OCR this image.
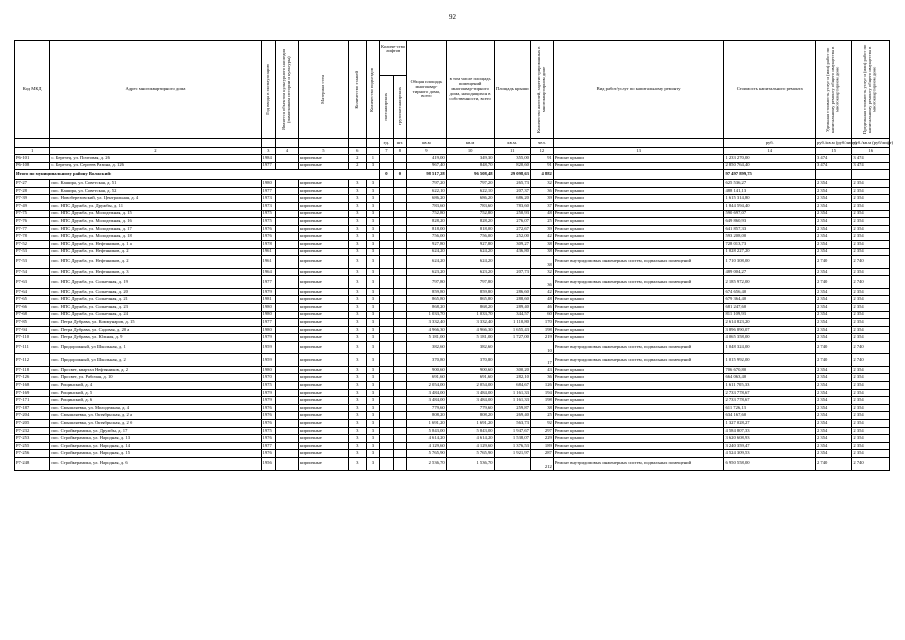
92
Код МКД	Адрес многоквартирного дома	Год ввода в эксплуатацию	Является объектом культурного наследия (памятником истории и культуры)	Материал стен	Количество этажей	Количество подъездов	Количе-ство лифтов
пассажирских грузопассажирских		Общая площадь многоквар-тирного дома, всего	в том числе площадь помещений многоквар-тирного дома, находящихся в собственности, всего	Площадь крыши	Количество жителей, зарегистрированных в многоквартирном доме	Вид работ/услуг по капитальному ремонту	Стоимость капитального ремонта	Удельная стоимость услуг и (или) работ по капитальному ремонту общего имущества в многоквартирном доме	Предельная стоимость услуг и (или) работ по капитальному ремонту общего имущества в многоквартирном доме

							ед.	шт.	кв.м	кв.м	кв.м.	чел.		руб.	руб./кв.м (руб/лифт)	руб./кв.м (руб/лифт)
1	2	3	4	5	6		7	8	9	10	11	12	13	14	15	16
Р6-101	с. Березец, ул. Почтовая, д. 26	1984		кирпичные	2	1			419,00	349,30	355,00	91	Ремонт крыши	1 233 270,00	3 474	3 474
Р6-108	с. Березец, ул. Сергеев Разина, д. 126	1977		кирпичные	2	3			967,40	848,70	820,60	91	Ремонт крыши	2 850 764,40	3 474	3 474
Итого по муниципальному району Волжский:							0	0	98 517,28	96 508,48	29 098,63	4 882		97 497 899,75		
Р7-27	пос. Кашира, ул. Советская, д. 51	1980		кирпичные	3	3			797,20	797,20	265,73	32	Ремонт крыши	625 536,27	2 354	2 354
Р7-28	пос. Кашира, ул. Советская, д. 52	1977		кирпичные	3	3			622,10	622,10	207,37	36	Ремонт крыши	488 141,13	2 354	2 354
Р7-39	пос. Новоберезовский, ул. Центральная, д. 4	1973		кирпичные	3	3			686,20	686,20	686,20	39	Ремонт крыши	1 615 314,80	2 354	2 354
Р7-49	пос. НПС Дружба, ул. Дружбы, д. 11	1973		кирпичные	3	3			783,60	783,60	783,60	37	Ремонт крыши	1 844 594,40	2 354	2 354
Р7-75	пос. НПС Дружба, ул. Молодежная, д. 15	1975		кирпичные	3	3			752,80	752,80	250,93	48	Ремонт крыши	590 697,07	2 354	2 354
Р7-76	пос. НПС Дружба, ул. Молодежная, д. 16	1975		кирпичные	3	3			828,20	828,20	276,07	25	Ремонт крыши	649 860,93	2 354	2 354
Р7-77	пос. НПС Дружба, ул. Молодежная, д. 17	1976		кирпичные	3	3			818,00	818,00	272,67	39	Ремонт крыши	641 857,33	2 354	2 354
Р7-78	пос. НПС Дружба, ул. Молодежная, д. 18	1976		кирпичные	3	3			756,00	756,00	252,00	42	Ремонт крыши	593 208,00	2 354	2 354
Р7-52	пос. НПС Дружба, ул. Нефтяников, д. 1 а	1978		кирпичные	3	3			927,80	927,80	309,27	38	Ремонт крыши	728 013,73	2 354	2 354
Р7-53	пос. НПС Дружба, ул. Нефтяников, д. 2	1961		кирпичные	3	3			624,20	624,20	436,80	38	Ремонт крыши	1 028 227,20	2 354	2 354
Р7-53	пос. НПС Дружба, ул. Нефтяников, д. 2	1961		кирпичные	3	3			624,20	624,20		38	Ремонт внутридомовых инженерных систем, подвальных помещений	1 710 308,00	2 740	2 740
Р7-54	пос. НПС Дружба, ул. Нефтяников, д. 3	1964		кирпичные	3	3			623,20	623,20	207,73	32	Ремонт крыши	489 004,27	2 354	2 354
Р7-63	пос. НПС Дружба, ул. Солнечная, д. 19	1977		кирпичные	3	3			797,80	797,80		36	Ремонт внутридомовых инженерных систем, подвальных помещений	2 185 972,00	2 740	2 740
Р7-64	пос. НПС Дружба, ул. Солнечная, д. 20	1979		кирпичные	3	3			859,80	859,80	286,60	42	Ремонт крыши	674 656,40	2 354	2 354
Р7-65	пос. НПС Дружба, ул. Солнечная, д. 21	1981		кирпичные	3	3			865,80	865,80	288,60	48	Ремонт крыши	679 364,40	2 354	2 354
Р7-66	пос. НПС Дружба, ул. Солнечная, д. 23	1980		кирпичные	3	3			868,20	868,20	289,40	46	Ремонт крыши	681 247,60	2 354	2 354
Р7-68	пос. НПС Дружба, ул. Солнечная, д. 24	1980		кирпичные	3	3			1 033,70	1 033,70	344,57	60	Ремонт крыши	811 109,93	2 354	2 354
Р7-85	пос. Петра Дубрава, ул. Коммунаров, д. 15	1977		кирпичные	3	3			3 332,40	3 332,40	1 110,80	170	Ремонт крыши	2 614 823,20	2 354	2 354
Р7-94	пос. Петра Дубрава, ул. Садовая, д. 20 а	1980		кирпичные	3	3			4 966,30	4 966,30	1 655,43	198	Ремонт крыши	3 896 890,07	2 354	2 354
Р7-110	пос. Петра Дубрава, ул. Южная, д. 9	1979		кирпичные	3	3			5 181,00	5 181,00	1 727,00	219	Ремонт крыши	4 065 358,00	2 354	2 354
Р7-111	пос. Придорожный, ул Школьная, д. 1	1959		кирпичные	3	3			382,60	382,60		10	Ремонт внутридомовых инженерных систем, подвальных помещений	1 048 324,00	2 740	2 740
Р7-112	пос. Придорожный, ул Школьная, д. 2	1959		кирпичные	3	3			370,80	370,80		17	Ремонт внутридомовых инженерных систем, подвальных помещений	1 015 992,00	2 740	2 740
Р7-118	пос. Просвет, квартал Нефтяников, д. 2	1980		кирпичные	3	3			900,60	900,60	300,20	43	Ремонт крыши	706 670,80	2 354	2 354
Р7-126	пос. Просвет, ул. Рабочая, д. 10	1970		кирпичные	3	3			691,60	691,60	282,10	36	Ремонт крыши	664 063,40	2 354	2 354
Р7-168	пос. Рощинский, д. 4	1975		кирпичные	3	3			2 054,00	2 054,00	684,67	126	Ремонт крыши	1 611 705,33	2 354	2 354
Р7-169	пос. Рощинский, д. 5	1979		кирпичные	3	3			3 484,00	3 484,00	1 161,33	194	Ремонт крыши	2 733 778,67	2 354	2 354
Р7-171	пос. Рощинский, д. 6	1979		кирпичные	3	3			3 484,00	3 484,00	1 161,33	198	Ремонт крыши	2 733 778,67	2 354	2 354
Р7-187	пос. Смышляевка, ул. Молодежная, д. 4	1976		кирпичные	3	3			779,60	779,60	259,87	38	Ремонт крыши	611 726,13	2 354	2 354
Р7-204	пос. Смышляевка, ул. Октябрьская, д. 2 а	1976		кирпичные	3	3			808,20	808,20	269,40	25	Ремонт крыши	634 167,60	2 354	2 354
Р7-205	пос. Смышляевка, ул. Октябрьская, д. 2 б	1976		кирпичные	3	3			1 691,20	1 691,20	563,73	92	Ремонт крыши	1 327 028,27	2 354	2 354
Р7-232	пос. Стройкерамика, ул. Дружбы, д. 17	1975		кирпичные	3	3			5 843,00	5 843,00	1 947,67	297	Ремонт крыши	4 584 807,33	2 354	2 354
Р7-253	пос. Стройкерамика, ул. Народная, д. 13	1976		кирпичные	3	3			4 614,20	4 614,20	1 538,07	229	Ремонт крыши	3 620 608,93	2 354	2 354
Р7-255	пос. Стройкерамика, ул. Народная, д. 14	1977		кирпичные	3	3			4 129,60	4 129,60	1 376,53	189	Ремонт крыши	3 240 359,47	2 354	2 354
Р7-256	пос. Стройкерамика, ул. Народная, д. 15	1976		кирпичные	3	3			5 765,90	5 765,90	1 921,97	287	Ремонт крыши	4 524 309,53	2 354	2 354
Р7-248	пос. Стройкерамика, ул. Народная, д. 6	1956		кирпичные	3	3			2 536,70	1 536,70		212	Ремонт внутридомовых инженерных систем, подвальных помещений	6 950 558,00	2 740	2 740
